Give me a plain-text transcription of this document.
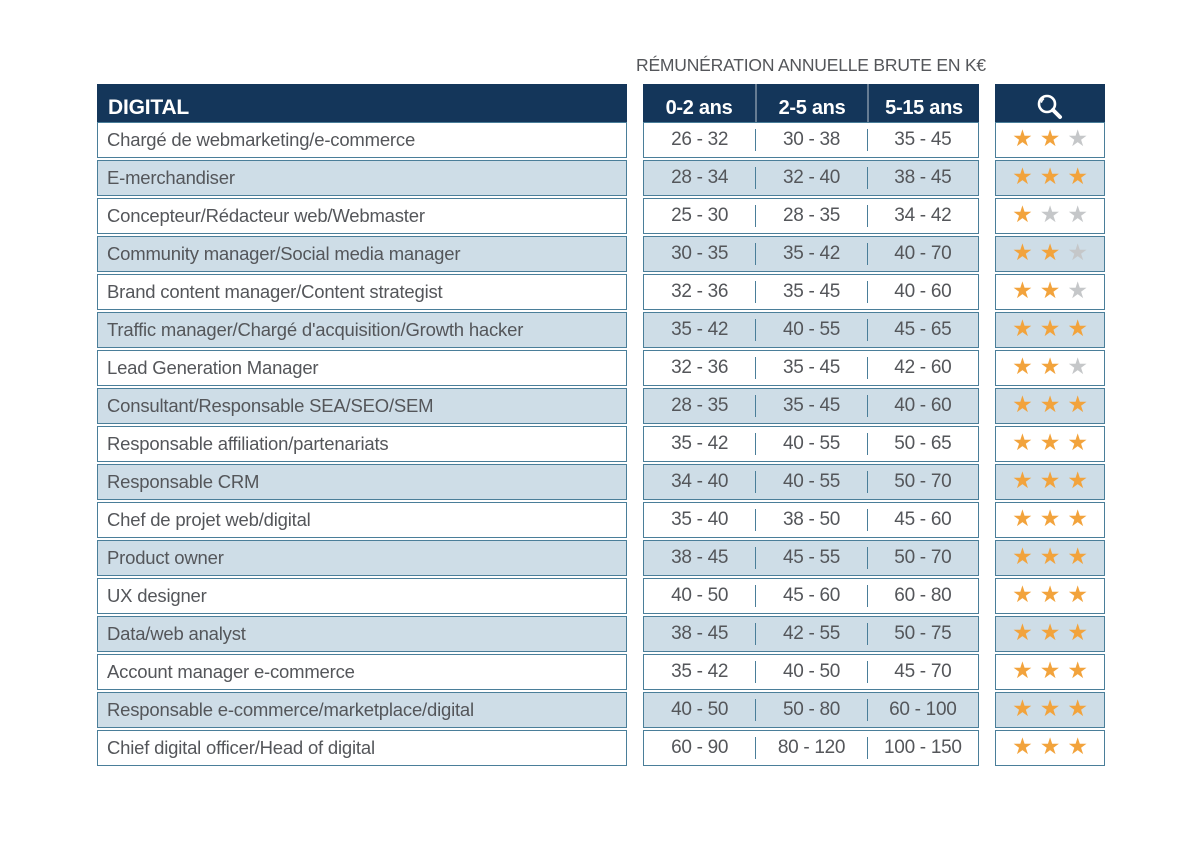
RÉMUNÉRATION ANNUELLE BRUTE EN K€
DIGITAL	0-2 ans	2-5 ans	5-15 ans
Chargé de webmarketing/e-commerce	26 - 32	30 - 38	35 - 45	★ ★ ★
E-merchandiser	28 - 34	32 - 40	38 - 45	★ ★ ★
Concepteur/Rédacteur web/Webmaster	25 - 30	28 - 35	34 - 42	★ ★ ★
Community manager/Social media manager	30 - 35	35 - 42	40 - 70	★ ★ ★
Brand content manager/Content strategist	32 - 36	35 - 45	40 - 60	★ ★ ★
Traffic manager/Chargé d'acquisition/Growth hacker	35 - 42	40 - 55	45 - 65	★ ★ ★
Lead Generation Manager	32 - 36	35 - 45	42 - 60	★ ★ ★
Consultant/Responsable SEA/SEO/SEM	28 - 35	35 - 45	40 - 60	★ ★ ★
Responsable affiliation/partenariats	35 - 42	40 - 55	50 - 65	★ ★ ★
Responsable CRM	34 - 40	40 - 55	50 - 70	★ ★ ★
Chef de projet web/digital	35 - 40	38 - 50	45 - 60	★ ★ ★
Product owner	38 - 45	45 - 55	50 - 70	★ ★ ★
UX designer	40 - 50	45 - 60	60 - 80	★ ★ ★
Data/web analyst	38 - 45	42 - 55	50 - 75	★ ★ ★
Account manager e-commerce	35 - 42	40 - 50	45 - 70	★ ★ ★
Responsable e-commerce/marketplace/digital	40 - 50	50 - 80	60 - 100	★ ★ ★
Chief digital officer/Head of digital	60 - 90	80 - 120	100 - 150	★ ★ ★
